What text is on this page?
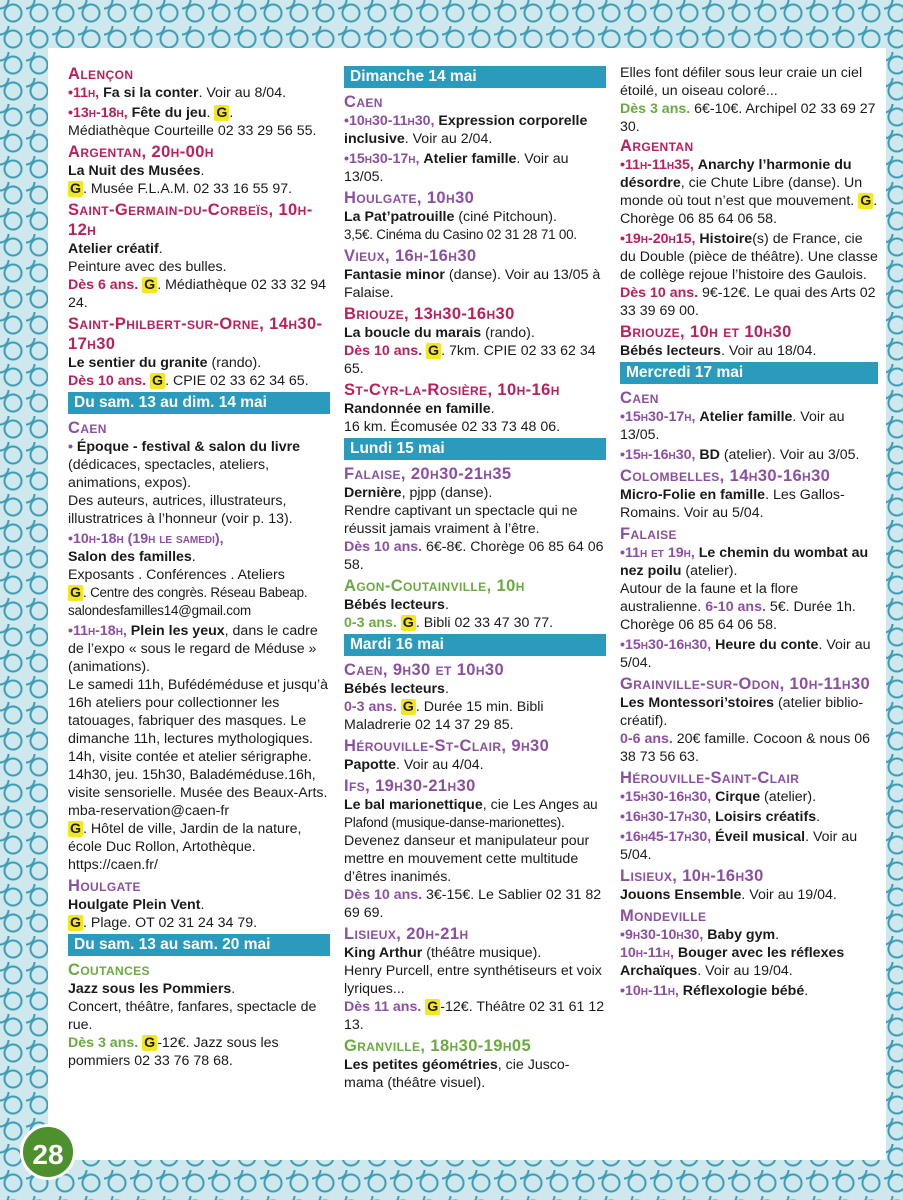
Alençon
•11h, Fa si la conter. Voir au 8/04.
•13h-18h, Fête du jeu. G .
Médiathèque Courteille 02 33 29 56 55.
Argentan, 20h-00h
La Nuit des Musées.
G . Musée F.L.A.M. 02 33 16 55 97.
Saint-Germain-du-Corbeïs, 10h-12h
Atelier créatif.
Peinture avec des bulles.
Dès 6 ans. G . Médiathèque 02 33 32 94 24.
Saint-Philbert-sur-Orne, 14h30-17h30
Le sentier du granite (rando).
Dès 10 ans. G . CPIE 02 33 62 34 65.
Du sam. 13 au dim. 14 mai
Caen
• Époque - festival & salon du livre (dédicaces, spectacles, ateliers, animations, expos).
Des auteurs, autrices, illustrateurs, illustratrices à l’honneur (voir p. 13).
•10h-18h (19h le samedi),
Salon des familles.
Exposants . Conférences . Ateliers
G . Centre des congrès. Réseau Babeap. salondesfamilles14@gmail.com
•11h-18h, Plein les yeux, dans le cadre de l’expo « sous le regard de Méduse » (animations).
Le samedi 11h, Bufédéméduse et jusqu’à 16h ateliers pour collectionner les tatouages, fabriquer des masques. Le dimanche 11h, lectures mythologiques. 14h, visite contée et atelier sérigraphe. 14h30, jeu. 15h30, Baladéméduse.16h, visite sensorielle. Musée des Beaux-Arts. mba-reservation@caen-fr
G . Hôtel de ville, Jardin de la nature, école Duc Rollon, Artothèque. https://caen.fr/
Houlgate
Houlgate Plein Vent.
G . Plage. OT 02 31 24 34 79.
Du sam. 13 au sam. 20 mai
Coutances
Jazz sous les Pommiers.
Concert, théâtre, fanfares, spectacle de rue.
Dès 3 ans. G -12€. Jazz sous les pommiers 02 33 76 78 68.
Dimanche 14 mai
Caen
•10h30-11h30, Expression corporelle inclusive. Voir au 2/04.
•15h30-17h, Atelier famille. Voir au 13/05.
Houlgate, 10h30
La Pat’patrouille (ciné Pitchoun).
3,5€. Cinéma du Casino 02 31 28 71 00.
Vieux, 16h-16h30
Fantasie minor (danse). Voir au 13/05 à Falaise.
Briouze, 13h30-16h30
La boucle du marais (rando).
Dès 10 ans. G . 7km. CPIE 02 33 62 34 65.
St-Cyr-la-Rosière, 10h-16h
Randonnée en famille.
16 km. Écomusée 02 33 73 48 06.
Lundi 15 mai
Falaise, 20h30-21h35
Dernière, pjpp (danse).
Rendre captivant un spectacle qui ne réussit jamais vraiment à l’être.
Dès 10 ans. 6€-8€. Chorège 06 85 64 06 58.
Agon-Coutainville, 10h
Bébés lecteurs.
0-3 ans. G . Bibli 02 33 47 30 77.
Mardi 16 mai
Caen, 9h30 et 10h30
Bébés lecteurs.
0-3 ans. G . Durée 15 min. Bibli Maladrerie 02 14 37 29 85.
Hérouville-St-Clair, 9h30
Papotte. Voir au 4/04.
Ifs, 19h30-21h30
Le bal marionettique, cie Les Anges au Plafond (musique-danse-marionettes). Devenez danseur et manipulateur pour mettre en mouvement cette multitude d’êtres inanimés.
Dès 10 ans. 3€-15€. Le Sablier 02 31 82 69 69.
Lisieux, 20h-21h
King Arthur (théâtre musique).
Henry Purcell, entre synthétiseurs et voix lyriques...
Dès 11 ans. G -12€. Théâtre 02 31 61 12 13.
Granville, 18h30-19h05
Les petites géométries, cie Jusco-mama (théâtre visuel).
Elles font défiler sous leur craie un ciel étoilé, un oiseau coloré...
Dès 3 ans. 6€-10€. Archipel 02 33 69 27 30.
Argentan
•11h-11h35, Anarchy l’harmonie du désordre, cie Chute Libre (danse). Un monde où tout n’est que mouvement. G . Chorège 06 85 64 06 58.
•19h-20h15, Histoire(s) de France, cie du Double (pièce de théâtre). Une classe de collège rejoue l’histoire des Gaulois. Dès 10 ans. 9€-12€. Le quai des Arts 02 33 39 69 00.
Briouze, 10h et 10h30
Bébés lecteurs. Voir au 18/04.
Mercredi 17 mai
Caen
•15h30-17h, Atelier famille. Voir au 13/05.
•15h-16h30, BD (atelier). Voir au 3/05.
Colombelles, 14h30-16h30
Micro-Folie en famille. Les Gallos-Romains. Voir au 5/04.
Falaise
•11h et 19h, Le chemin du wombat au nez poilu (atelier).
Autour de la faune et la flore australienne. 6-10 ans. 5€. Durée 1h. Chorège 06 85 64 06 58.
•15h30-16h30, Heure du conte. Voir au 5/04.
Grainville-sur-Odon, 10h-11h30
Les Montessori’stoires (atelier biblio-créatif).
0-6 ans. 20€ famille. Cocoon & nous 06 38 73 56 63.
Hérouville-Saint-Clair
•15h30-16h30, Cirque (atelier).
•16h30-17h30, Loisirs créatifs.
•16h45-17h30, Éveil musical. Voir au 5/04.
Lisieux, 10h-16h30
Jouons Ensemble. Voir au 19/04.
Mondeville
•9h30-10h30, Baby gym.
10h-11h, Bouger avec les réflexes Archaïques. Voir au 19/04.
•10h-11h, Réflexologie bébé.
28
